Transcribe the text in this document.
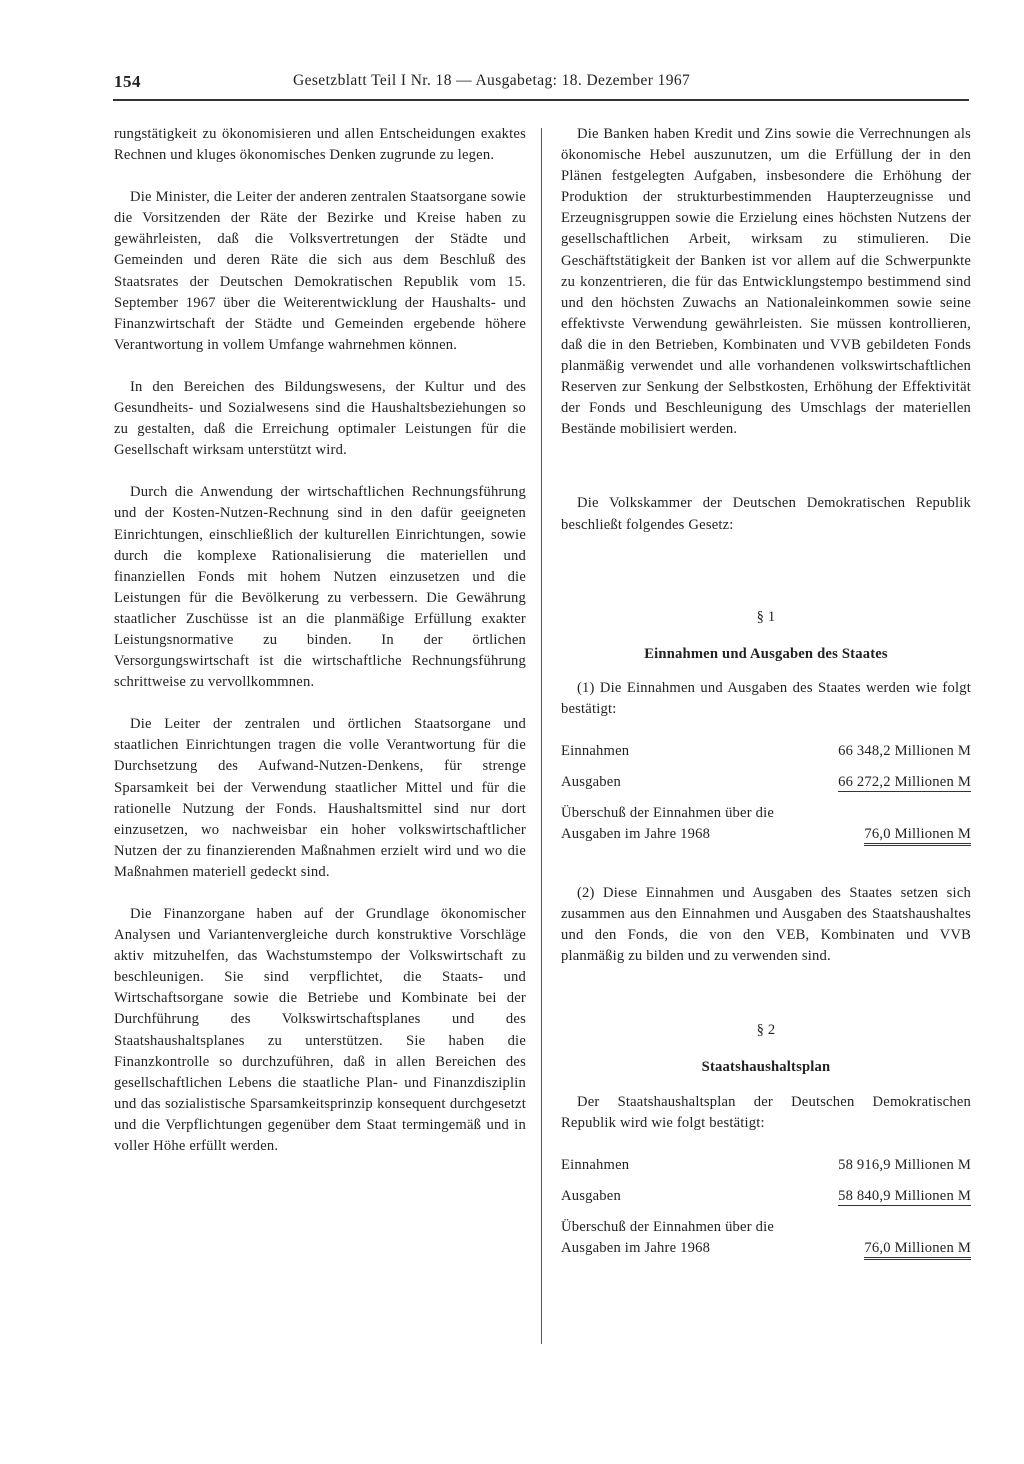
154	Gesetzblatt Teil I Nr. 18 — Ausgabetag: 18. Dezember 1967

rungstätigkeit zu ökonomisieren und allen Entscheidungen exaktes Rechnen und kluges ökonomisches Denken zugrunde zu legen.

Die Minister, die Leiter der anderen zentralen Staatsorgane sowie die Vorsitzenden der Räte der Bezirke und Kreise haben zu gewährleisten, daß die Volksvertretungen der Städte und Gemeinden und deren Räte die sich aus dem Beschluß des Staatsrates der Deutschen Demokratischen Republik vom 15. September 1967 über die Weiterentwicklung der Haushalts- und Finanzwirtschaft der Städte und Gemeinden ergebende höhere Verantwortung in vollem Umfange wahrnehmen können.

In den Bereichen des Bildungswesens, der Kultur und des Gesundheits- und Sozialwesens sind die Haushaltsbeziehungen so zu gestalten, daß die Erreichung optimaler Leistungen für die Gesellschaft wirksam unterstützt wird.

Durch die Anwendung der wirtschaftlichen Rechnungsführung und der Kosten-Nutzen-Rechnung sind in den dafür geeigneten Einrichtungen, einschließlich der kulturellen Einrichtungen, sowie durch die komplexe Rationalisierung die materiellen und finanziellen Fonds mit hohem Nutzen einzusetzen und die Leistungen für die Bevölkerung zu verbessern. Die Gewährung staatlicher Zuschüsse ist an die planmäßige Erfüllung exakter Leistungsnormative zu binden. In der örtlichen Versorgungswirtschaft ist die wirtschaftliche Rechnungsführung schrittweise zu vervollkommnen.

Die Leiter der zentralen und örtlichen Staatsorgane und staatlichen Einrichtungen tragen die volle Verantwortung für die Durchsetzung des Aufwand-Nutzen-Denkens, für strenge Sparsamkeit bei der Verwendung staatlicher Mittel und für die rationelle Nutzung der Fonds. Haushaltsmittel sind nur dort einzusetzen, wo nachweisbar ein hoher volkswirtschaftlicher Nutzen der zu finanzierenden Maßnahmen erzielt wird und wo die Maßnahmen materiell gedeckt sind.

Die Finanzorgane haben auf der Grundlage ökonomischer Analysen und Variantenvergleiche durch konstruktive Vorschläge aktiv mitzuhelfen, das Wachstumstempo der Volkswirtschaft zu beschleunigen. Sie sind verpflichtet, die Staats- und Wirtschaftsorgane sowie die Betriebe und Kombinate bei der Durchführung des Volkswirtschaftsplanes und des Staatshaushaltsplanes zu unterstützen. Sie haben die Finanzkontrolle so durchzuführen, daß in allen Bereichen des gesellschaftlichen Lebens die staatliche Plan- und Finanzdisziplin und das sozialistische Sparsamkeitsprinzip konsequent durchgesetzt und die Verpflichtungen gegenüber dem Staat termingemäß und in voller Höhe erfüllt werden.

Die Banken haben Kredit und Zins sowie die Verrechnungen als ökonomische Hebel auszunutzen, um die Erfüllung der in den Plänen festgelegten Aufgaben, insbesondere die Erhöhung der Produktion der strukturbestimmenden Haupterzeugnisse und Erzeugnisgruppen sowie die Erzielung eines höchsten Nutzens der gesellschaftlichen Arbeit, wirksam zu stimulieren. Die Geschäftstätigkeit der Banken ist vor allem auf die Schwerpunkte zu konzentrieren, die für das Entwicklungstempo bestimmend sind und den höchsten Zuwachs an Nationaleinkommen sowie seine effektivste Verwendung gewährleisten. Sie müssen kontrollieren, daß die in den Betrieben, Kombinaten und VVB gebildeten Fonds planmäßig verwendet und alle vorhandenen volkswirtschaftlichen Reserven zur Senkung der Selbstkosten, Erhöhung der Effektivität der Fonds und Beschleunigung des Umschlags der materiellen Bestände mobilisiert werden.

Die Volkskammer der Deutschen Demokratischen Republik beschließt folgendes Gesetz:

§ 1
Einnahmen und Ausgaben des Staates

(1) Die Einnahmen und Ausgaben des Staates werden wie folgt bestätigt:

Einnahmen	66 348,2 Millionen M
Ausgaben	66 272,2 Millionen M
Überschuß der Einnahmen über die Ausgaben im Jahre 1968	76,0 Millionen M

(2) Diese Einnahmen und Ausgaben des Staates setzen sich zusammen aus den Einnahmen und Ausgaben des Staatshaushaltes und den Fonds, die von den VEB, Kombinaten und VVB planmäßig zu bilden und zu verwenden sind.

§ 2
Staatshaushaltsplan

Der Staatshaushaltsplan der Deutschen Demokratischen Republik wird wie folgt bestätigt:

Einnahmen	58 916,9 Millionen M
Ausgaben	58 840,9 Millionen M
Überschuß der Einnahmen über die Ausgaben im Jahre 1968	76,0 Millionen M
